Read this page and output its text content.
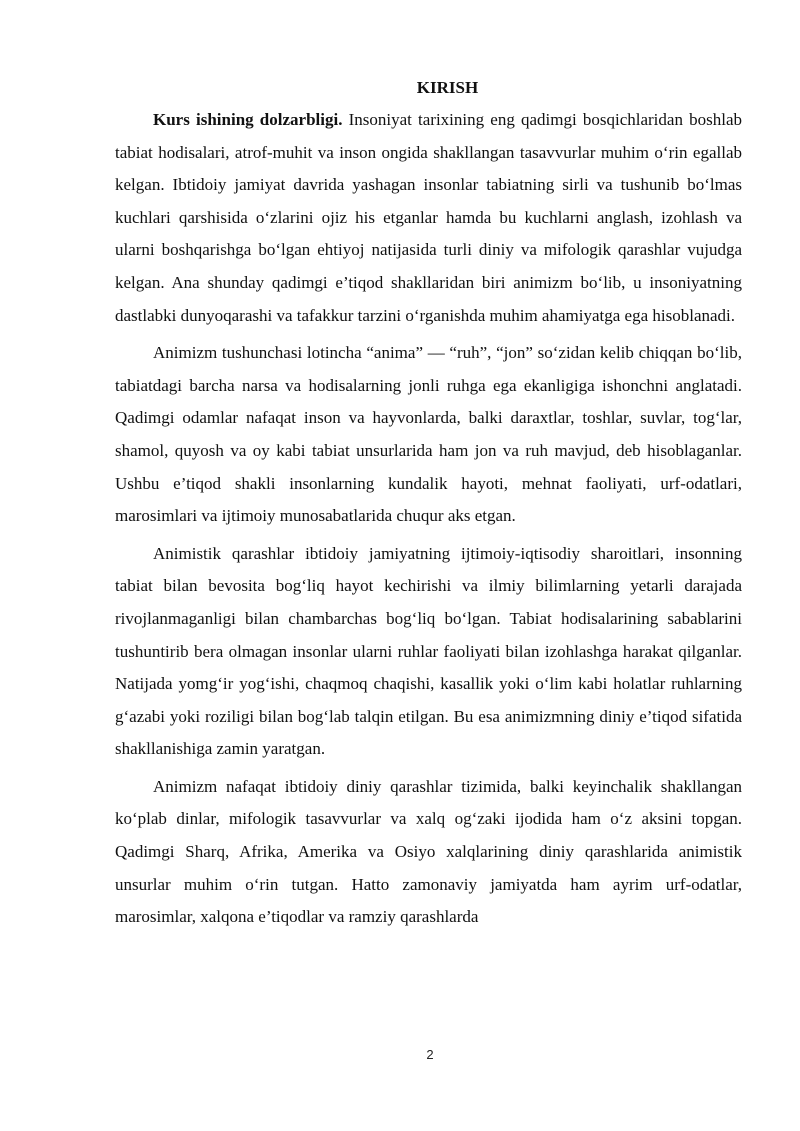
KIRISH

Kurs ishining dolzarbligi. Insoniyat tarixining eng qadimgi bosqichlaridan boshlab tabiat hodisalari, atrof-muhit va inson ongida shakllangan tasavvurlar muhim o‘rin egallab kelgan. Ibtidoiy jamiyat davrida yashagan insonlar tabiatning sirli va tushunib bo‘lmas kuchlari qarshisida o‘zlarini ojiz his etganlar hamda bu kuchlarni anglash, izohlash va ularni boshqarishga bo‘lgan ehtiyoj natijasida turli diniy va mifologik qarashlar vujudga kelgan. Ana shunday qadimgi e’tiqod shakllaridan biri animizm bo‘lib, u insoniyatning dastlabki dunyoqarashi va tafakkur tarzini o‘rganishda muhim ahamiyatga ega hisoblanadi.

Animizm tushunchasi lotincha “anima” — “ruh”, “jon” so‘zidan kelib chiqqan bo‘lib, tabiatdagi barcha narsa va hodisalarning jonli ruhga ega ekanligiga ishonchni anglatadi. Qadimgi odamlar nafaqat inson va hayvonlarda, balki daraxtlar, toshlar, suvlar, tog‘lar, shamol, quyosh va oy kabi tabiat unsurlarida ham jon va ruh mavjud, deb hisoblaganlar. Ushbu e’tiqod shakli insonlarning kundalik hayoti, mehnat faoliyati, urf-odatlari, marosimlari va ijtimoiy munosabatlarida chuqur aks etgan.

Animistik qarashlar ibtidoiy jamiyatning ijtimoiy-iqtisodiy sharoitlari, insonning tabiat bilan bevosita bog‘liq hayot kechirishi va ilmiy bilimlarning yetarli darajada rivojlanmaganligi bilan chambarchas bog‘liq bo‘lgan. Tabiat hodisalarining sabablarini tushuntirib bera olmagan insonlar ularni ruhlar faoliyati bilan izohlashga harakat qilganlar. Natijada yomg‘ir yog‘ishi, chaqmoq chaqishi, kasallik yoki o‘lim kabi holatlar ruhlarning g‘azabi yoki roziligi bilan bog‘lab talqin etilgan. Bu esa animizmning diniy e’tiqod sifatida shakllanishiga zamin yaratgan.

Animizm nafaqat ibtidoiy diniy qarashlar tizimida, balki keyinchalik shakllangan ko‘plab dinlar, mifologik tasavvurlar va xalq og‘zaki ijodida ham o‘z aksini topgan. Qadimgi Sharq, Afrika, Amerika va Osiyo xalqlarining diniy qarashlarida animistik unsurlar muhim o‘rin tutgan. Hatto zamonaviy jamiyatda ham ayrim urf-odatlar, marosimlar, xalqona e’tiqodlar va ramziy qarashlarda

2
